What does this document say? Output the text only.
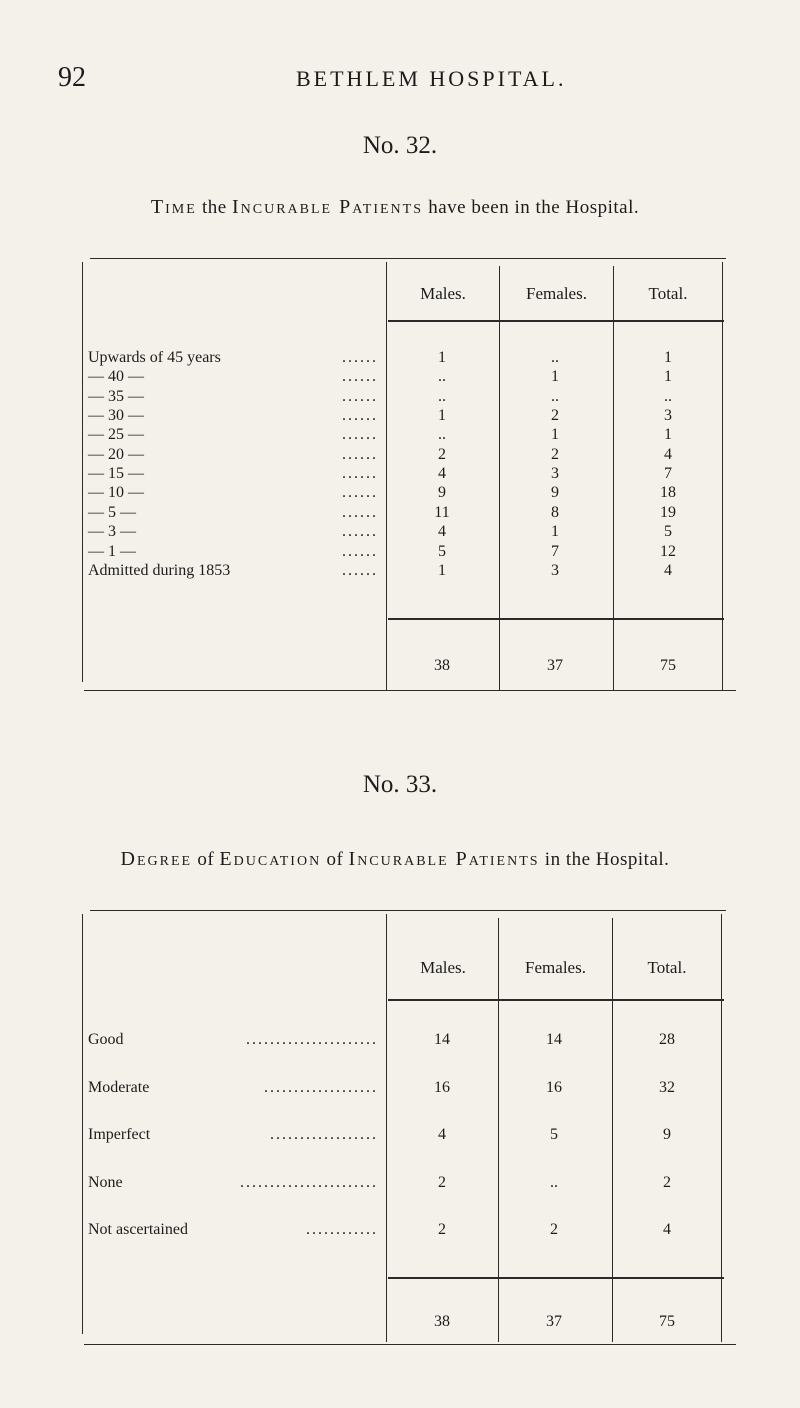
92	BETHLEM HOSPITAL.
No. 32.
Time the Incurable Patients have been in the Hospital.
Males.	Females.	Total.
Upwards of 45 years	......	1	..	1
— 40 —	......	..	1	1
— 35 —	......	..	..	..
— 30 —	......	1	2	3
— 25 —	......	..	1	1
— 20 —	......	2	2	4
— 15 —	......	4	3	7
— 10 —	......	9	9	18
— 5 —	......	11	8	19
— 3 —	......	4	1	5
— 1 —	......	5	7	12
Admitted during 1853	......	1	3	4
38	37	75
No. 33.
Degree of Education of Incurable Patients in the Hospital.
Males.	Females.	Total.
Good	......................	14	14	28
Moderate	...................	16	16	32
Imperfect	..................	4	5	9
None	.......................	2	..	2
Not ascertained	............	2	2	4
38	37	75
